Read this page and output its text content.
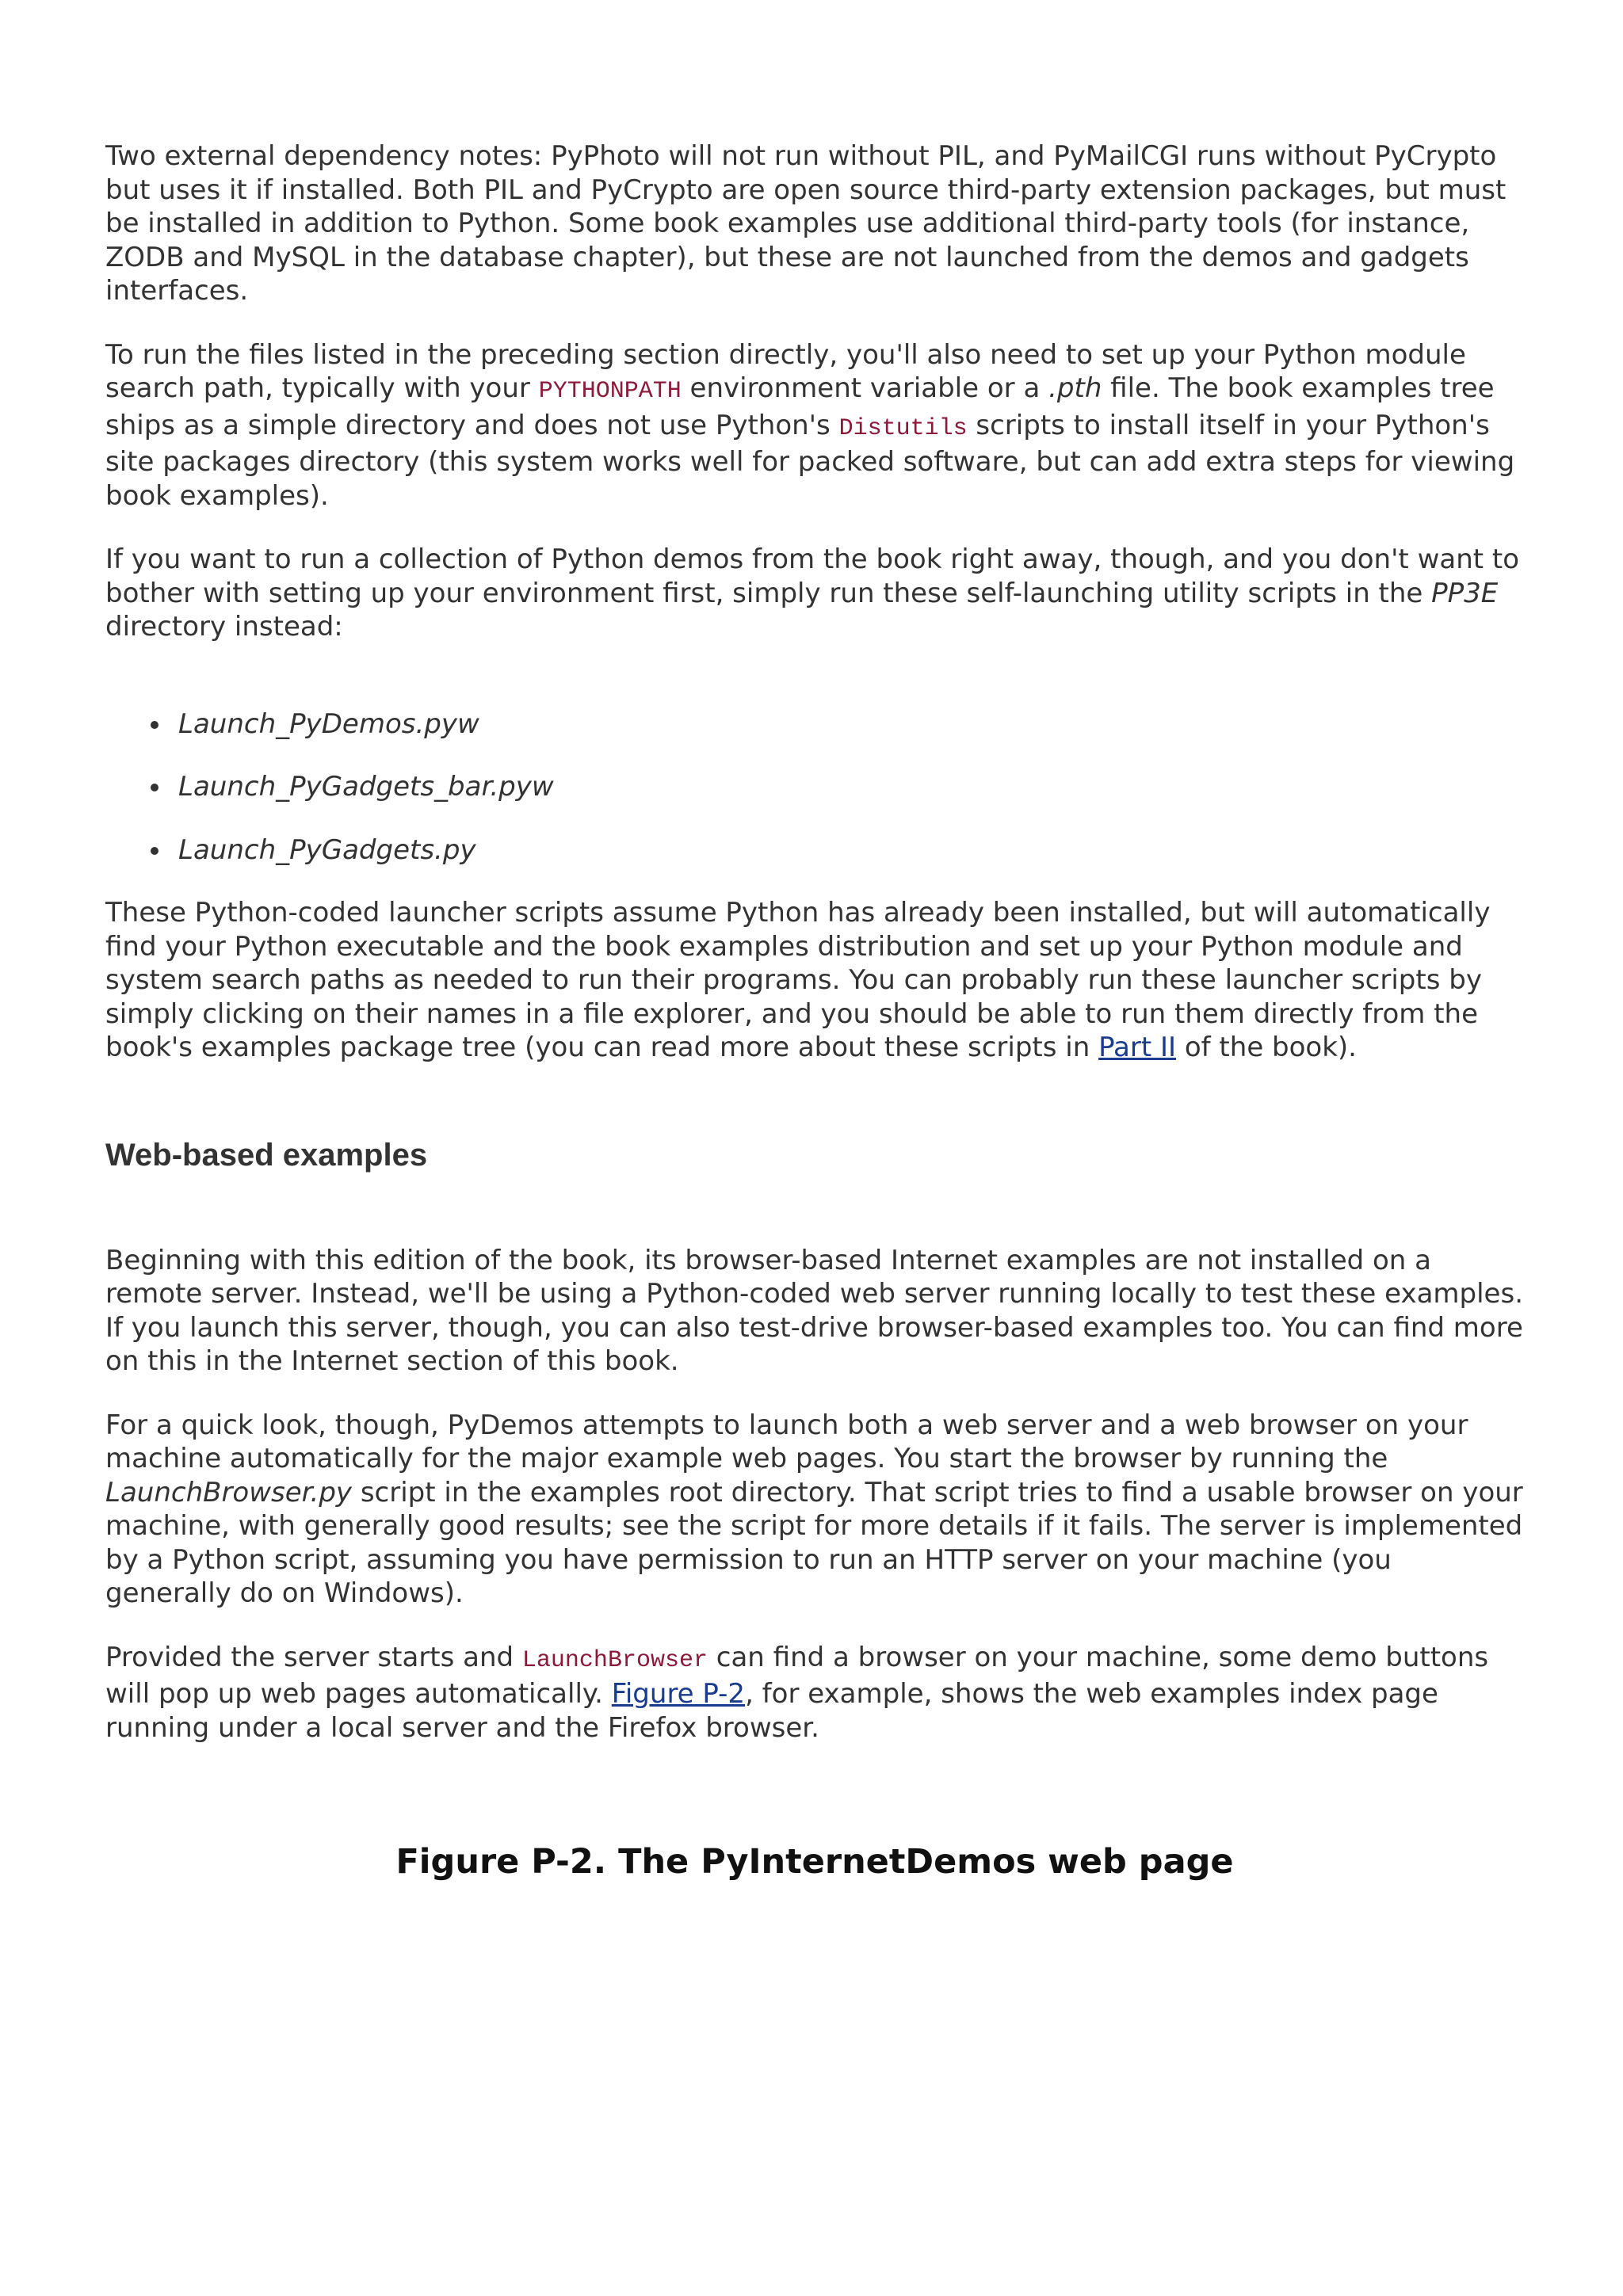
Two external dependency notes: PyPhoto will not run without PIL, and PyMailCGI runs without PyCrypto but uses it if installed. Both PIL and PyCrypto are open source third-party extension packages, but must be installed in addition to Python. Some book examples use additional third-party tools (for instance, ZODB and MySQL in the database chapter), but these are not launched from the demos and gadgets interfaces.

To run the files listed in the preceding section directly, you'll also need to set up your Python module search path, typically with your PYTHONPATH environment variable or a .pth file. The book examples tree ships as a simple directory and does not use Python's Distutils scripts to install itself in your Python's site packages directory (this system works well for packed software, but can add extra steps for viewing book examples).

If you want to run a collection of Python demos from the book right away, though, and you don't want to bother with setting up your environment first, simply run these self-launching utility scripts in the PP3E directory instead:

Launch_PyDemos.pyw
Launch_PyGadgets_bar.pyw
Launch_PyGadgets.py

These Python-coded launcher scripts assume Python has already been installed, but will automatically find your Python executable and the book examples distribution and set up your Python module and system search paths as needed to run their programs. You can probably run these launcher scripts by simply clicking on their names in a file explorer, and you should be able to run them directly from the book's examples package tree (you can read more about these scripts in Part II of the book).

Web-based examples

Beginning with this edition of the book, its browser-based Internet examples are not installed on a remote server. Instead, we'll be using a Python-coded web server running locally to test these examples. If you launch this server, though, you can also test-drive browser-based examples too. You can find more on this in the Internet section of this book.

For a quick look, though, PyDemos attempts to launch both a web server and a web browser on your machine automatically for the major example web pages. You start the browser by running the LaunchBrowser.py script in the examples root directory. That script tries to find a usable browser on your machine, with generally good results; see the script for more details if it fails. The server is implemented by a Python script, assuming you have permission to run an HTTP server on your machine (you generally do on Windows).

Provided the server starts and LaunchBrowser can find a browser on your machine, some demo buttons will pop up web pages automatically. Figure P-2, for example, shows the web examples index page running under a local server and the Firefox browser.

Figure P-2. The PyInternetDemos web page
